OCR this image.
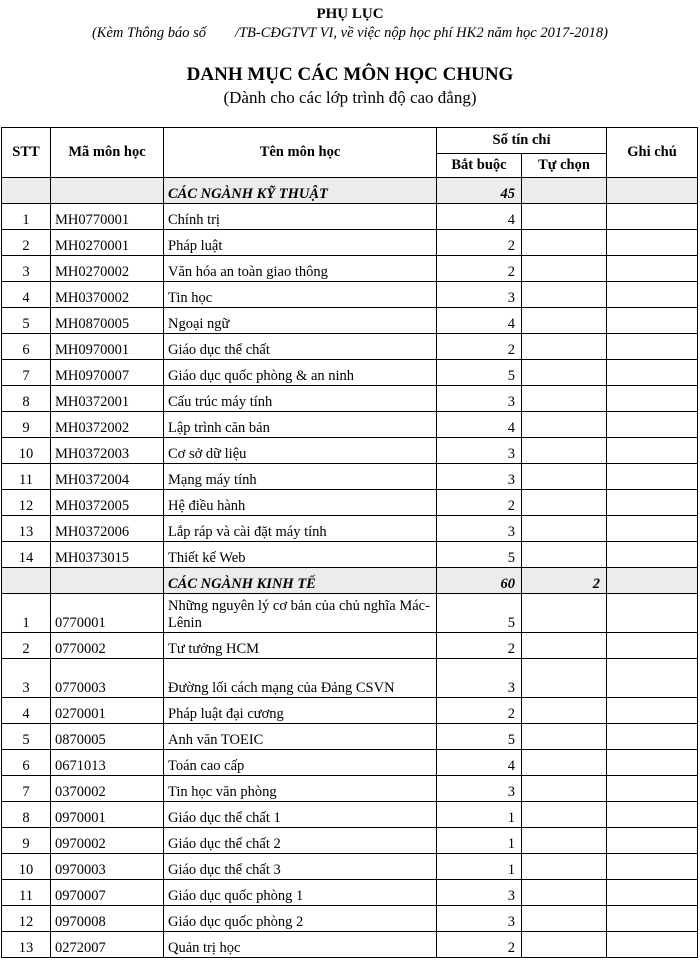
PHỤ LỤC
(Kèm Thông báo số        /TB-CĐGTVT VI, về việc nộp học phí HK2 năm học 2017-2018)
DANH MỤC CÁC MÔN HỌC CHUNG
(Dành cho các lớp trình độ cao đẳng)
STT	Mã môn học	Tên môn học	Số tín chỉ		Ghi chú
			Bắt buộc	Tự chọn	
		CÁC NGÀNH KỸ THUẬT	45		
1	MH0770001	Chính trị	4		
2	MH0270001	Pháp luật	2		
3	MH0270002	Văn hóa an toàn giao thông	2		
4	MH0370002	Tin học	3		
5	MH0870005	Ngoại ngữ	4		
6	MH0970001	Giáo dục thể chất	2		
7	MH0970007	Giáo dục quốc phòng & an ninh	5		
8	MH0372001	Cấu trúc máy tính	3		
9	MH0372002	Lập trình căn bản	4		
10	MH0372003	Cơ sở dữ liệu	3		
11	MH0372004	Mạng máy tính	3		
12	MH0372005	Hệ điều hành	2		
13	MH0372006	Lắp ráp và cài đặt máy tính	3		
14	MH0373015	Thiết kế Web	5		
		CÁC NGÀNH KINH TẾ	60	2	
1	0770001	Những nguyên lý cơ bản của chủ nghĩa Mác-Lênin	5		
2	0770002	Tư tưởng HCM	2		
3	0770003	Đường lối cách mạng của Đảng CSVN	3		
4	0270001	Pháp luật đại cương	2		
5	0870005	Anh văn TOEIC	5		
6	0671013	Toán cao cấp	4		
7	0370002	Tin học văn phòng	3		
8	0970001	Giáo dục thể chất 1	1		
9	0970002	Giáo dục thể chất 2	1		
10	0970003	Giáo dục thể chất 3	1		
11	0970007	Giáo dục quốc phòng 1	3		
12	0970008	Giáo dục quốc phòng 2	3		
13	0272007	Quản trị học	2		
